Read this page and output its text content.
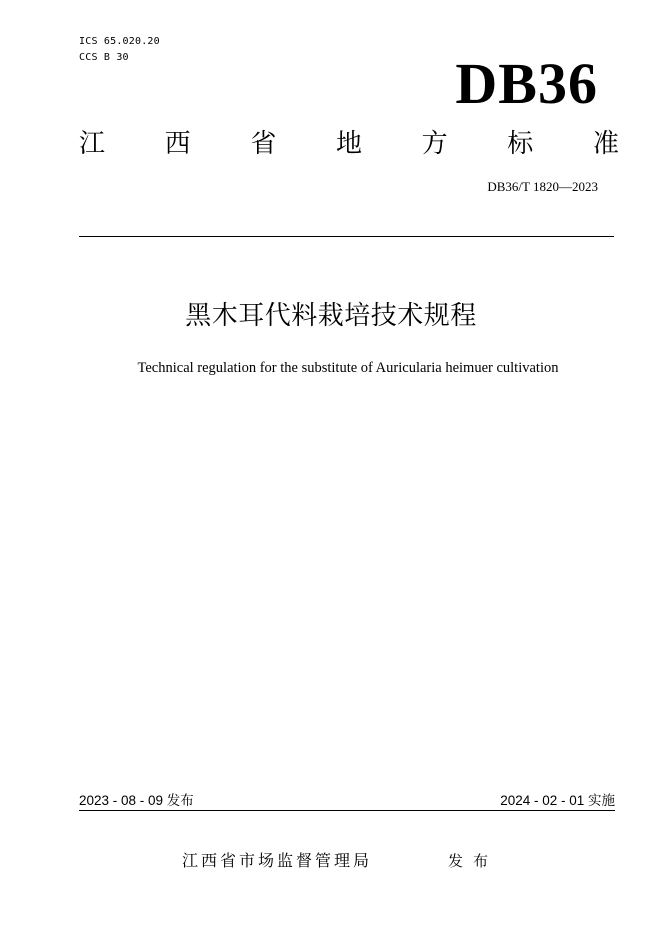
ICS 65.020.20
CCS B 30	DB36
江 西 省 地 方 标 准
DB36/T 1820—2023
黑木耳代料栽培技术规程
Technical regulation for the substitute of Auricularia heimuer cultivation
2023 - 08 - 09 发布	2024 - 02 - 01 实施
江西省市场监督管理局	发布
